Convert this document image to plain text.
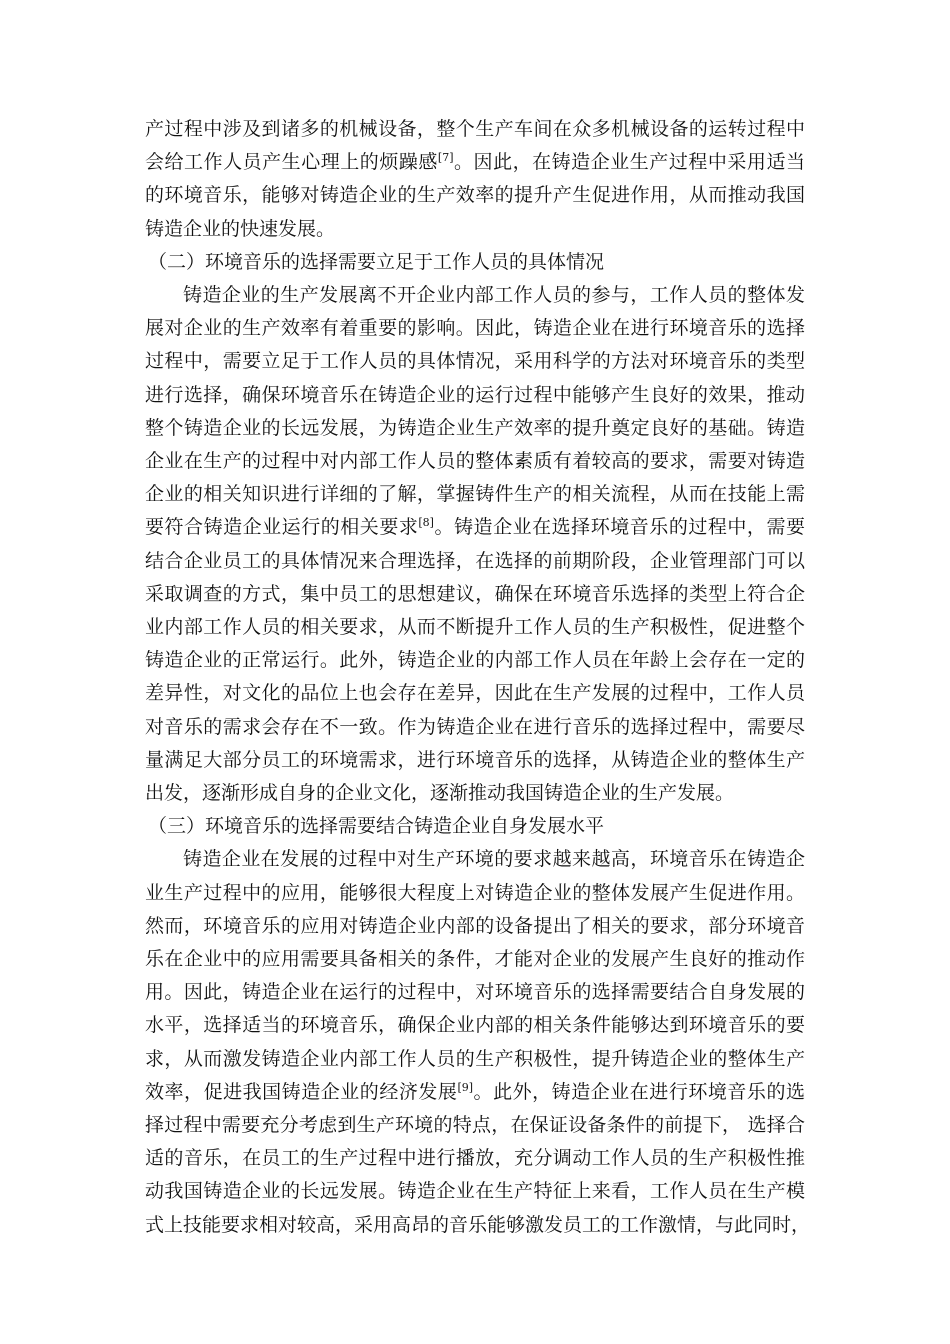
产过程中涉及到诸多的机械设备，整个生产车间在众多机械设备的运转过程中
会给工作人员产生心理上的烦躁感[7]。因此，在铸造企业生产过程中采用适当
的环境音乐，能够对铸造企业的生产效率的提升产生促进作用，从而推动我国
铸造企业的快速发展。
（二）环境音乐的选择需要立足于工作人员的具体情况
铸造企业的生产发展离不开企业内部工作人员的参与，工作人员的整体发
展对企业的生产效率有着重要的影响。因此，铸造企业在进行环境音乐的选择
过程中，需要立足于工作人员的具体情况，采用科学的方法对环境音乐的类型
进行选择，确保环境音乐在铸造企业的运行过程中能够产生良好的效果，推动
整个铸造企业的长远发展，为铸造企业生产效率的提升奠定良好的基础。铸造
企业在生产的过程中对内部工作人员的整体素质有着较高的要求，需要对铸造
企业的相关知识进行详细的了解，掌握铸件生产的相关流程，从而在技能上需
要符合铸造企业运行的相关要求[8]。铸造企业在选择环境音乐的过程中，需要
结合企业员工的具体情况来合理选择，在选择的前期阶段，企业管理部门可以
采取调查的方式，集中员工的思想建议，确保在环境音乐选择的类型上符合企
业内部工作人员的相关要求，从而不断提升工作人员的生产积极性，促进整个
铸造企业的正常运行。此外，铸造企业的内部工作人员在年龄上会存在一定的
差异性，对文化的品位上也会存在差异，因此在生产发展的过程中，工作人员
对音乐的需求会存在不一致。作为铸造企业在进行音乐的选择过程中，需要尽
量满足大部分员工的环境需求，进行环境音乐的选择，从铸造企业的整体生产
出发，逐渐形成自身的企业文化，逐渐推动我国铸造企业的生产发展。
（三）环境音乐的选择需要结合铸造企业自身发展水平
铸造企业在发展的过程中对生产环境的要求越来越高，环境音乐在铸造企
业生产过程中的应用，能够很大程度上对铸造企业的整体发展产生促进作用。
然而，环境音乐的应用对铸造企业内部的设备提出了相关的要求，部分环境音
乐在企业中的应用需要具备相关的条件，才能对企业的发展产生良好的推动作
用。因此，铸造企业在运行的过程中，对环境音乐的选择需要结合自身发展的
水平，选择适当的环境音乐，确保企业内部的相关条件能够达到环境音乐的要
求，从而激发铸造企业内部工作人员的生产积极性，提升铸造企业的整体生产
效率，促进我国铸造企业的经济发展[9]。此外，铸造企业在进行环境音乐的选
择过程中需要充分考虑到生产环境的特点，在保证设备条件的前提下， 选择合
适的音乐，在员工的生产过程中进行播放，充分调动工作人员的生产积极性推
动我国铸造企业的长远发展。铸造企业在生产特征上来看，工作人员在生产模
式上技能要求相对较高，采用高昂的音乐能够激发员工的工作激情，与此同时，
